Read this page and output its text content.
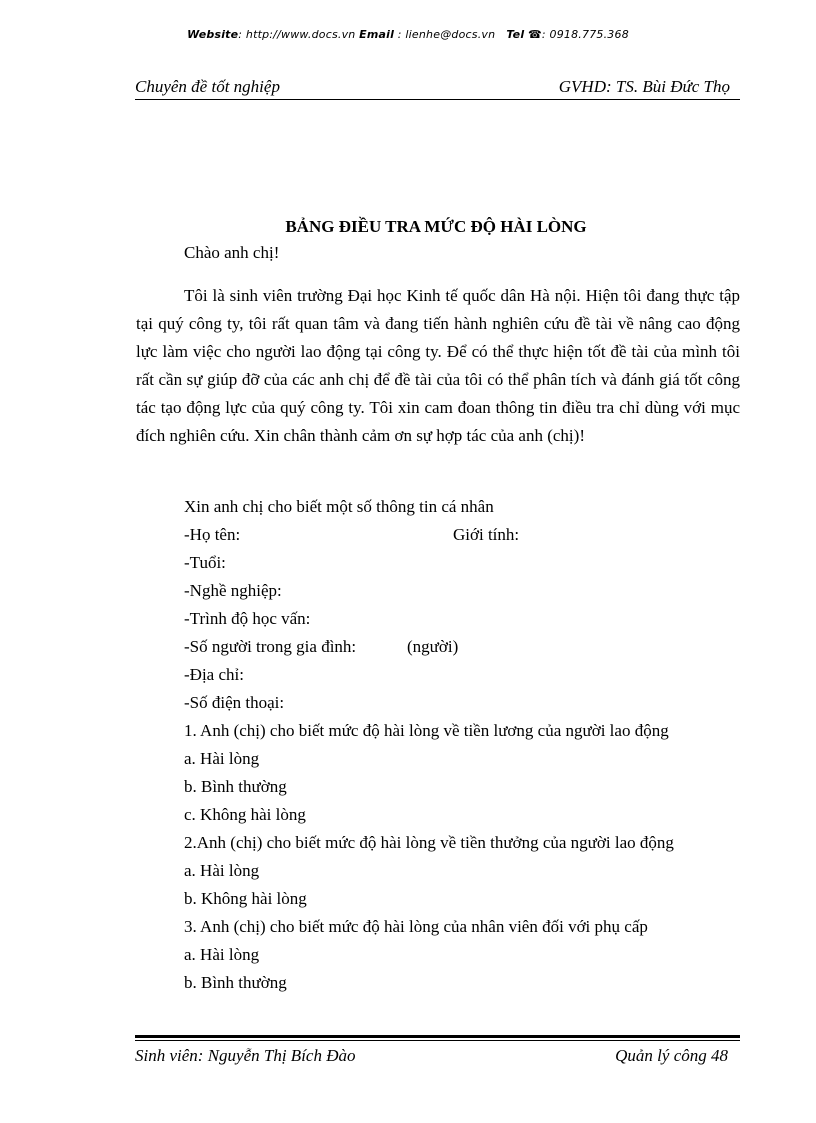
Website: http://www.docs.vn Email : lienhe@docs.vn Tel ☎: 0918.775.368
Chuyên đề tốt nghiệp	GVHD: TS. Bùi Đức Thọ
BẢNG ĐIỀU TRA MỨC ĐỘ HÀI LÒNG
Chào anh chị!
Tôi là sinh viên trường Đại học Kinh tế quốc dân Hà nội. Hiện tôi đang thực tập tại quý công ty, tôi rất quan tâm và đang tiến hành nghiên cứu đề tài về nâng cao động lực làm việc cho người lao động tại công ty. Để có thể thực hiện tốt đề tài của mình tôi rất cần sự giúp đỡ của các anh chị để đề tài của tôi có thể phân tích và đánh giá tốt công tác tạo động lực của quý công ty. Tôi xin cam đoan thông tin điều tra chỉ dùng với mục đích nghiên cứu. Xin chân thành cảm ơn sự hợp tác của anh (chị)!
Xin anh chị cho biết một số thông tin cá nhân
-Họ tên:	Giới tính:
-Tuổi:
-Nghề nghiệp:
-Trình độ học vấn:
-Số người trong gia đình:	(người)
-Địa chỉ:
-Số điện thoại:
1. Anh (chị) cho biết mức độ hài lòng về tiền lương của người lao động
a. Hài lòng
b. Bình thường
c. Không hài lòng
2.Anh (chị) cho biết mức độ hài lòng về tiền thưởng của người lao động
a. Hài lòng
b. Không hài lòng
3. Anh (chị) cho biết mức độ hài lòng của nhân viên đối với phụ cấp
a. Hài lòng
b. Bình thường
Sinh viên: Nguyễn Thị Bích Đào	Quản lý công 48
